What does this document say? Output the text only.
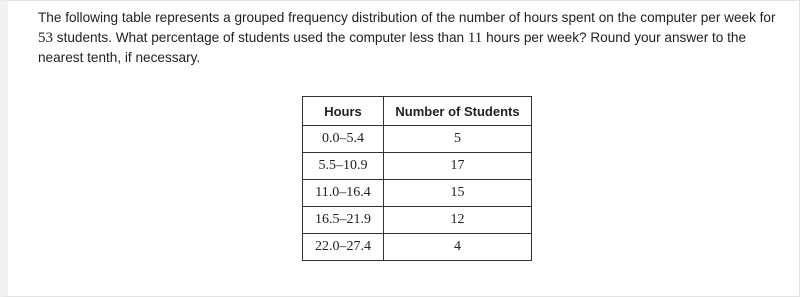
The following table represents a grouped frequency distribution of the number of hours spent on the computer per week for 53 students. What percentage of students used the computer less than 11 hours per week? Round your answer to the nearest tenth, if necessary.
Hours	Number of Students
0.0–5.4	5
5.5–10.9	17
11.0–16.4	15
16.5–21.9	12
22.0–27.4	4
